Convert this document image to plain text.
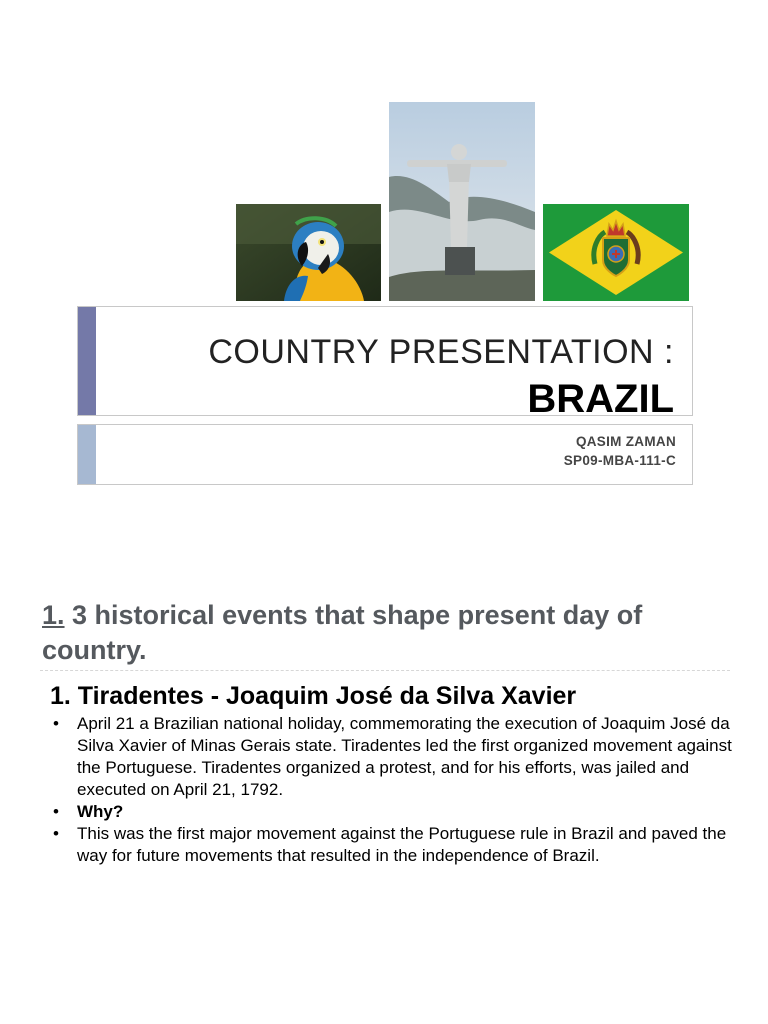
COUNTRY PRESENTATION :
BRAZIL
QASIM ZAMAN
SP09-MBA-111-C
1. 3 historical events that shape present day of country.
1. Tiradentes - Joaquim José da Silva Xavier
• April 21 a Brazilian national holiday, commemorating the execution of Joaquim José da Silva Xavier of Minas Gerais state. Tiradentes led the first organized movement against the Portuguese. Tiradentes organized a protest, and for his efforts, was jailed and executed on April 21, 1792.
• Why?
• This was the first major movement against the Portuguese rule in Brazil and paved the way for future movements that resulted in the independence of Brazil.
